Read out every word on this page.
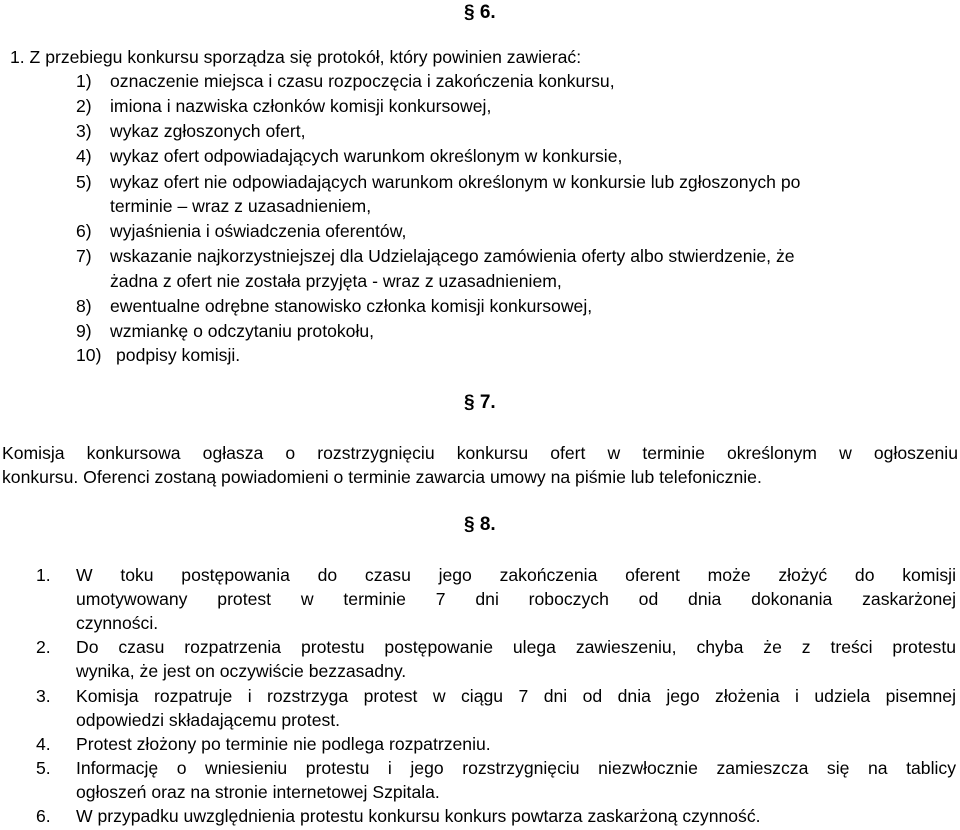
§ 6.
1. Z przebiegu konkursu sporządza się protokół, który powinien zawierać:
1) oznaczenie miejsca i czasu rozpoczęcia i zakończenia konkursu,
2) imiona i nazwiska członków komisji konkursowej,
3) wykaz zgłoszonych ofert,
4) wykaz ofert odpowiadających warunkom określonym w konkursie,
5) wykaz ofert nie odpowiadających warunkom określonym w konkursie lub zgłoszonych po
terminie – wraz z uzasadnieniem,
6) wyjaśnienia i oświadczenia oferentów,
7) wskazanie najkorzystniejszej dla Udzielającego zamówienia oferty albo stwierdzenie, że
żadna z ofert nie została przyjęta - wraz z uzasadnieniem,
8) ewentualne odrębne stanowisko członka komisji konkursowej,
9) wzmiankę o odczytaniu protokołu,
10) podpisy komisji.
§ 7.
Komisja konkursowa ogłasza o rozstrzygnięciu konkursu ofert w terminie określonym w ogłoszeniu
konkursu. Oferenci zostaną powiadomieni o terminie zawarcia umowy na piśmie lub telefonicznie.
§ 8.
1. W toku postępowania do czasu jego zakończenia oferent może złożyć do komisji
umotywowany protest w terminie 7 dni roboczych od dnia dokonania zaskarżonej
czynności.
2. Do czasu rozpatrzenia protestu postępowanie ulega zawieszeniu, chyba że z treści protestu
wynika, że jest on oczywiście bezzasadny.
3. Komisja rozpatruje i rozstrzyga protest w ciągu 7 dni od dnia jego złożenia i udziela pisemnej
odpowiedzi składającemu protest.
4. Protest złożony po terminie nie podlega rozpatrzeniu.
5. Informację o wniesieniu protestu i jego rozstrzygnięciu niezwłocznie zamieszcza się na tablicy
ogłoszeń oraz na stronie internetowej Szpitala.
6. W przypadku uwzględnienia protestu konkursu konkurs powtarza zaskarżoną czynność.
